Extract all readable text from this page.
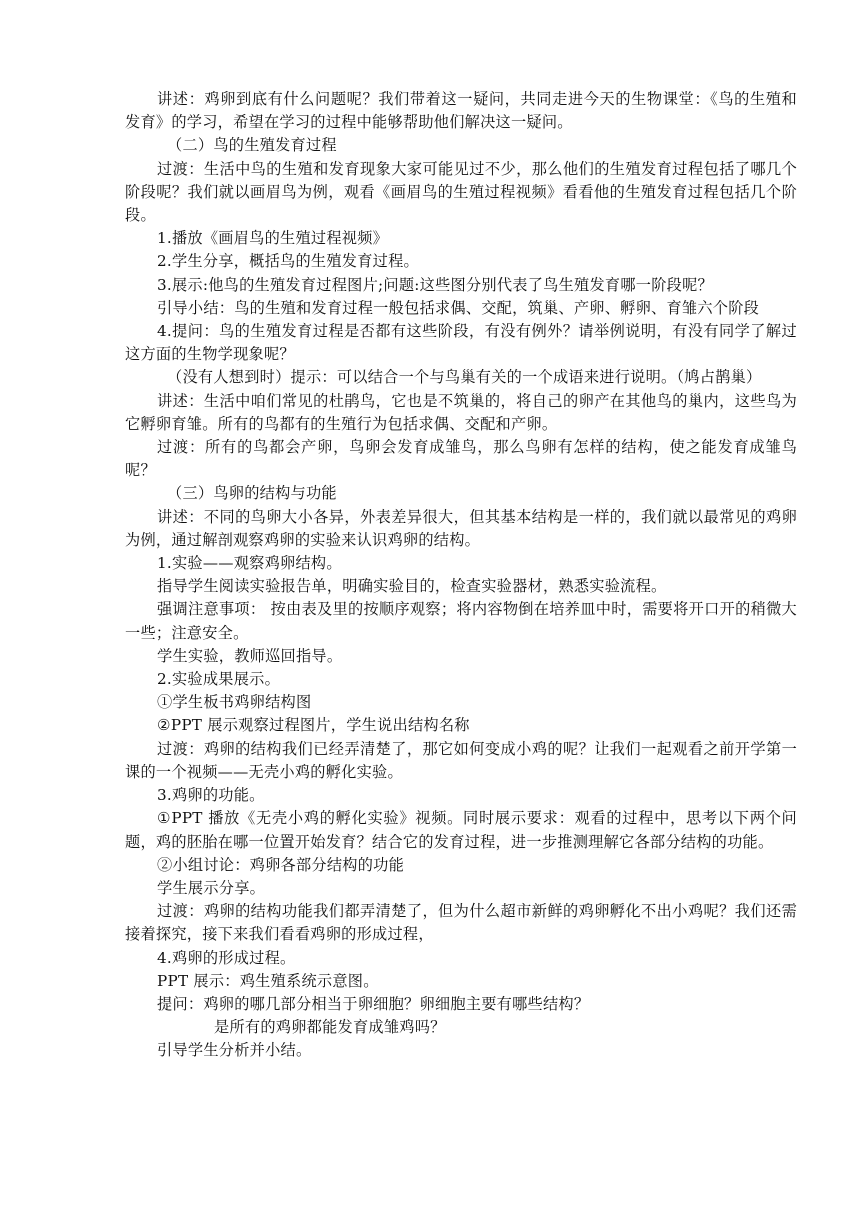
讲述：鸡卵到底有什么问题呢？我们带着这一疑问，共同走进今天的生物课堂：《鸟的生殖和发育》的学习，希望在学习的过程中能够帮助他们解决这一疑问。

（二）鸟的生殖发育过程

过渡：生活中鸟的生殖和发育现象大家可能见过不少，那么他们的生殖发育过程包括了哪几个阶段呢？我们就以画眉鸟为例，观看《画眉鸟的生殖过程视频》看看他的生殖发育过程包括几个阶段。

1.播放《画眉鸟的生殖过程视频》

2.学生分享，概括鸟的生殖发育过程。

3.展示:他鸟的生殖发育过程图片;问题:这些图分别代表了鸟生殖发育哪一阶段呢？

引导小结：鸟的生殖和发育过程一般包括求偶、交配，筑巢、产卵、孵卵、育雏六个阶段

4.提问：鸟的生殖发育过程是否都有这些阶段，有没有例外？请举例说明，有没有同学了解过这方面的生物学现象呢？

（没有人想到时）提示：可以结合一个与鸟巢有关的一个成语来进行说明。（鸠占鹊巢）

讲述：生活中咱们常见的杜鹃鸟，它也是不筑巢的，将自己的卵产在其他鸟的巢内，这些鸟为它孵卵育雏。所有的鸟都有的生殖行为包括求偶、交配和产卵。

过渡：所有的鸟都会产卵，鸟卵会发育成雏鸟，那么鸟卵有怎样的结构，使之能发育成雏鸟呢？

（三）鸟卵的结构与功能

讲述：不同的鸟卵大小各异，外表差异很大，但其基本结构是一样的，我们就以最常见的鸡卵为例，通过解剖观察鸡卵的实验来认识鸡卵的结构。

1.实验——观察鸡卵结构。

指导学生阅读实验报告单，明确实验目的，检查实验器材，熟悉实验流程。

强调注意事项： 按由表及里的按顺序观察；将内容物倒在培养皿中时，需要将开口开的稍微大一些；注意安全。

学生实验，教师巡回指导。

2.实验成果展示。

①学生板书鸡卵结构图

②PPT 展示观察过程图片，学生说出结构名称

过渡：鸡卵的结构我们已经弄清楚了，那它如何变成小鸡的呢？让我们一起观看之前开学第一课的一个视频——无壳小鸡的孵化实验。

3.鸡卵的功能。

①PPT 播放《无壳小鸡的孵化实验》视频。同时展示要求：观看的过程中，思考以下两个问题，鸡的胚胎在哪一位置开始发育？结合它的发育过程，进一步推测理解它各部分结构的功能。

②小组讨论：鸡卵各部分结构的功能

学生展示分享。

过渡：鸡卵的结构功能我们都弄清楚了，但为什么超市新鲜的鸡卵孵化不出小鸡呢？我们还需接着探究，接下来我们看看鸡卵的形成过程，

4.鸡卵的形成过程。

PPT 展示：鸡生殖系统示意图。

提问：鸡卵的哪几部分相当于卵细胞？卵细胞主要有哪些结构？

是所有的鸡卵都能发育成雏鸡吗？

引导学生分析并小结。
